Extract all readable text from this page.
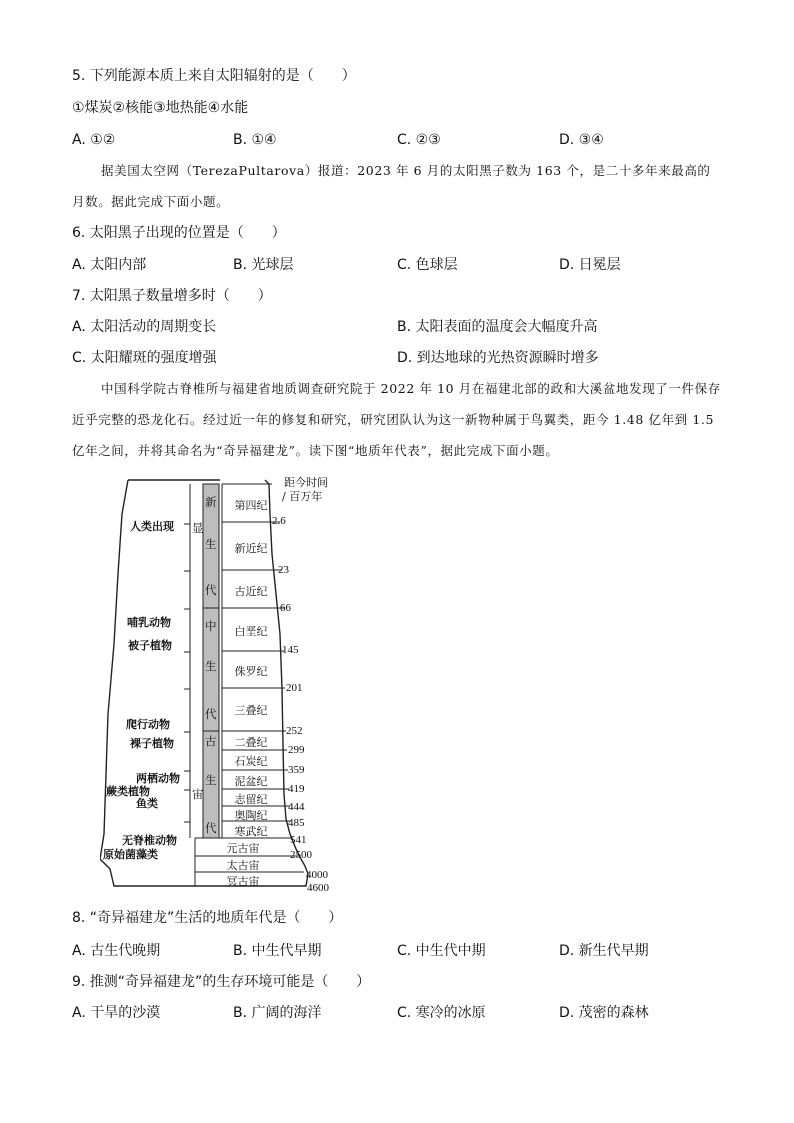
5. 下列能源本质上来自太阳辐射的是（　　）
①煤炭②核能③地热能④水能
A. ①②	B. ①④	C. ②③	D. ③④
据美国太空网（TerezaPultarova）报道：2023 年 6 月的太阳黑子数为 163 个，是二十多年来最高的月数。据此完成下面小题。
6. 太阳黑子出现的位置是（　　）
A. 太阳内部	B. 光球层	C. 色球层	D. 日冕层
7. 太阳黑子数量增多时（　　）
A. 太阳活动的周期变长	B. 太阳表面的温度会大幅度升高
C. 太阳耀斑的强度增强	D. 到达地球的光热资源瞬时增多
中国科学院古脊椎所与福建省地质调查研究院于 2022 年 10 月在福建北部的政和大溪盆地发现了一件保存近乎完整的恐龙化石。经过近一年的修复和研究，研究团队认为这一新物种属于鸟翼类，距今 1.48 亿年到 1.5 亿年之间，并将其命名为“奇异福建龙”。读下图“地质年代表”，据此完成下面小题。
距今时间
/ 百万年
显
宙
新
生
代
中
生
代
古
生
代
第四纪
新近纪
古近纪
白垩纪
侏罗纪
三叠纪
二叠纪
石炭纪
泥盆纪
志留纪
奥陶纪
寒武纪
元古宙
太古宙
冥古宙
2.6
23
66
145
201
252
299
359
419
444
485
541
2500
4000
4600
人类出现
哺乳动物
被子植物
爬行动物
裸子植物
两栖动物
蕨类植物
鱼类
无脊椎动物
原始菌藻类
8. “奇异福建龙”生活的地质年代是（　　）
A. 古生代晚期	B. 中生代早期	C. 中生代中期	D. 新生代早期
9. 推测“奇异福建龙”的生存环境可能是（　　）
A. 干旱的沙漠	B. 广阔的海洋	C. 寒冷的冰原	D. 茂密的森林
